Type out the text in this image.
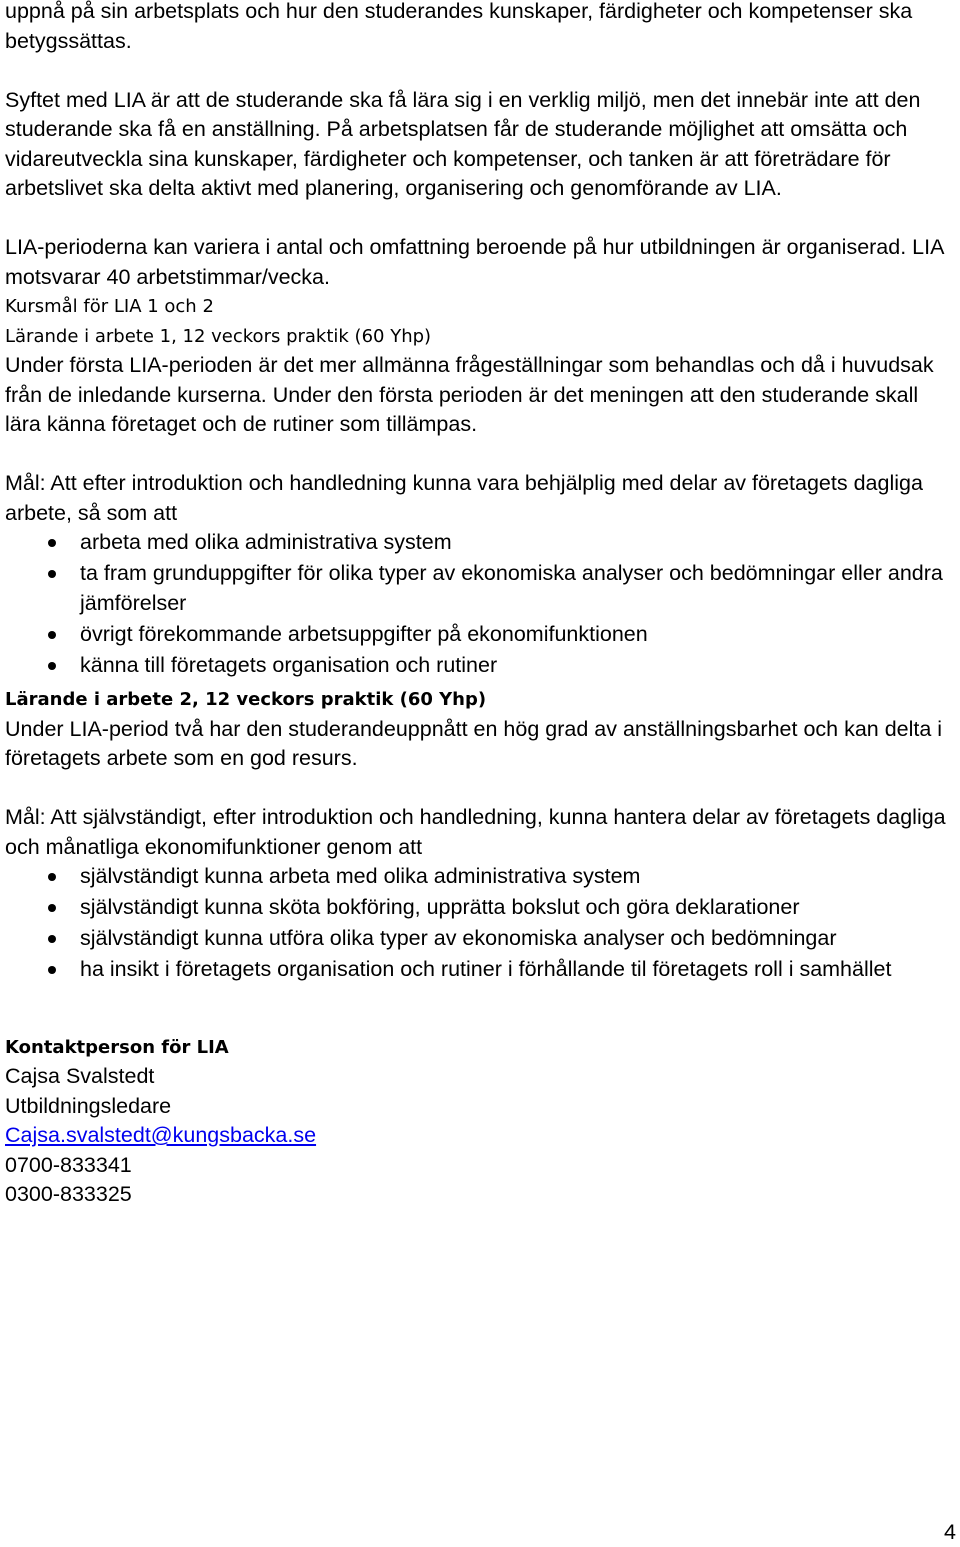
uppnå på sin arbetsplats och hur den studerandes kunskaper, färdigheter och kompetenser ska betygssättas.

Syftet med LIA är att de studerande ska få lära sig i en verklig miljö, men det innebär inte att den studerande ska få en anställning. På arbetsplatsen får de studerande möjlighet att omsätta och vidareutveckla sina kunskaper, färdigheter och kompetenser, och tanken är att företrädare för arbetslivet ska delta aktivt med planering, organisering och genomförande av LIA.

LIA-perioderna kan variera i antal och omfattning beroende på hur utbildningen är organiserad. LIA motsvarar 40 arbetstimmar/vecka.

Kursmål för LIA 1 och 2
Lärande i arbete 1, 12 veckors praktik (60 Yhp)

Under första LIA-perioden är det mer allmänna frågeställningar som behandlas och då i huvudsak från de inledande kurserna. Under den första perioden är det meningen att den studerande skall lära känna företaget och de rutiner som tillämpas.

Mål: Att efter introduktion och handledning kunna vara behjälplig med delar av företagets dagliga arbete, så som att

arbeta med olika administrativa system
ta fram grunduppgifter för olika typer av ekonomiska analyser och bedömningar eller andra jämförelser
övrigt förekommande arbetsuppgifter på ekonomifunktionen
känna till företagets organisation och rutiner
Lärande i arbete 2, 12 veckors praktik (60 Yhp)

Under LIA-period två har den studerandeuppnått en hög grad av anställningsbarhet och kan delta i företagets arbete som en god resurs.

Mål: Att självständigt, efter introduktion och handledning, kunna hantera delar av företagets dagliga och månatliga ekonomifunktioner genom att

självständigt kunna arbeta med olika administrativa system
självständigt kunna sköta bokföring, upprätta bokslut och göra deklarationer
självständigt kunna utföra olika typer av ekonomiska analyser och bedömningar
ha insikt i företagets organisation och rutiner i förhållande til företagets roll i samhället
Kontaktperson för LIA

Cajsa Svalstedt

Utbildningsledare

Cajsa.svalstedt@kungsbacka.se

0700-833341

0300-833325

4
